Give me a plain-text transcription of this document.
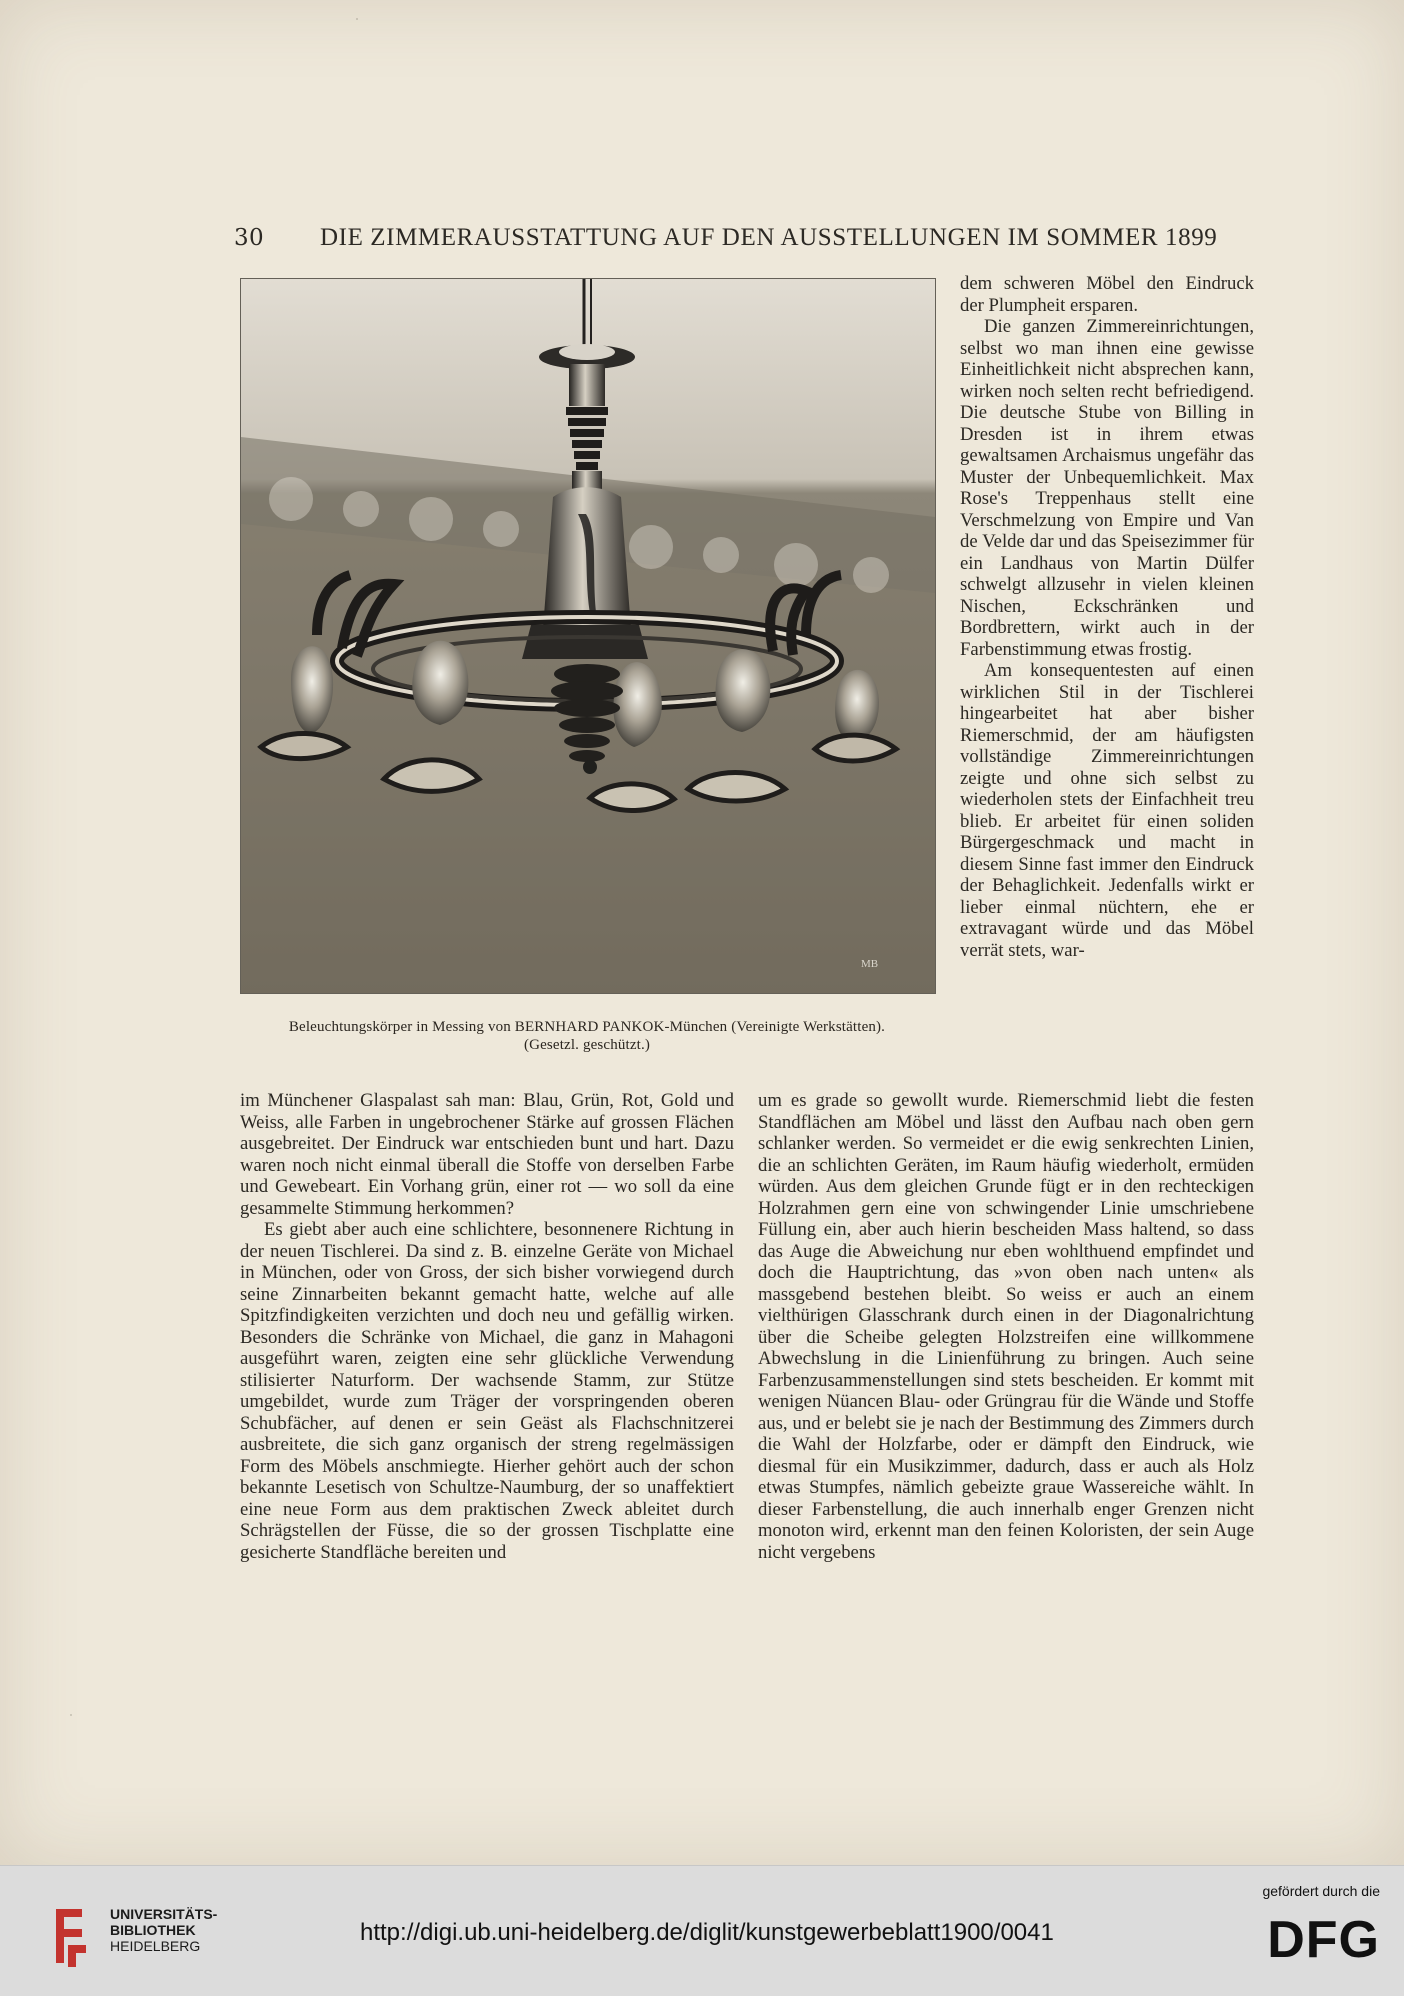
30	DIE ZIMMERAUSSTATTUNG AUF DEN AUSSTELLUNGEN IM SOMMER 1899
MB
Beleuchtungskörper in Messing von BERNHARD PANKOK-München (Vereinigte Werkstätten).
(Gesetzl. geschützt.)

dem schweren Möbel den Eindruck der Plumpheit ersparen.

Die ganzen Zimmereinrichtungen, selbst wo man ihnen eine gewisse Einheitlichkeit nicht absprechen kann, wirken noch selten recht befriedigend. Die deutsche Stube von Billing in Dresden ist in ihrem etwas gewaltsamen Archaismus ungefähr das Muster der Unbequemlichkeit. Max Rose's Treppenhaus stellt eine Verschmelzung von Empire und Van de Velde dar und das Speisezimmer für ein Landhaus von Martin Dülfer schwelgt allzusehr in vielen kleinen Nischen, Eckschränken und Bordbrettern, wirkt auch in der Farbenstimmung etwas frostig.

Am konsequentesten auf einen wirklichen Stil in der Tischlerei hingearbeitet hat aber bisher Riemerschmid, der am häufigsten vollständige Zimmereinrichtungen zeigte und ohne sich selbst zu wiederholen stets der Einfachheit treu blieb. Er arbeitet für einen soliden Bürgergeschmack und macht in diesem Sinne fast immer den Eindruck der Behaglichkeit. Jedenfalls wirkt er lieber einmal nüchtern, ehe er extravagant würde und das Möbel verrät stets, war-

im Münchener Glaspalast sah man: Blau, Grün, Rot, Gold und Weiss, alle Farben in ungebrochener Stärke auf grossen Flächen ausgebreitet. Der Eindruck war entschieden bunt und hart. Dazu waren noch nicht einmal überall die Stoffe von derselben Farbe und Gewebeart. Ein Vorhang grün, einer rot — wo soll da eine gesammelte Stimmung herkommen?

Es giebt aber auch eine schlichtere, besonnenere Richtung in der neuen Tischlerei. Da sind z. B. einzelne Geräte von Michael in München, oder von Gross, der sich bisher vorwiegend durch seine Zinnarbeiten bekannt gemacht hatte, welche auf alle Spitzfindigkeiten verzichten und doch neu und gefällig wirken. Besonders die Schränke von Michael, die ganz in Mahagoni ausgeführt waren, zeigten eine sehr glückliche Verwendung stilisierter Naturform. Der wachsende Stamm, zur Stütze umgebildet, wurde zum Träger der vorspringenden oberen Schubfächer, auf denen er sein Geäst als Flachschnitzerei ausbreitete, die sich ganz organisch der streng regelmässigen Form des Möbels anschmiegte. Hierher gehört auch der schon bekannte Lesetisch von Schultze-Naumburg, der so unaffektiert eine neue Form aus dem praktischen Zweck ableitet durch Schrägstellen der Füsse, die so der grossen Tischplatte eine gesicherte Standfläche bereiten und

um es grade so gewollt wurde. Riemerschmid liebt die festen Standflächen am Möbel und lässt den Aufbau nach oben gern schlanker werden. So vermeidet er die ewig senkrechten Linien, die an schlichten Geräten, im Raum häufig wiederholt, ermüden würden. Aus dem gleichen Grunde fügt er in den rechteckigen Holzrahmen gern eine von schwingender Linie umschriebene Füllung ein, aber auch hierin bescheiden Mass haltend, so dass das Auge die Abweichung nur eben wohlthuend empfindet und doch die Hauptrichtung, das »von oben nach unten« als massgebend bestehen bleibt. So weiss er auch an einem vielthürigen Glasschrank durch einen in der Diagonalrichtung über die Scheibe gelegten Holzstreifen eine willkommene Abwechslung in die Linienführung zu bringen. Auch seine Farbenzusammenstellungen sind stets bescheiden. Er kommt mit wenigen Nüancen Blau- oder Grüngrau für die Wände und Stoffe aus, und er belebt sie je nach der Bestimmung des Zimmers durch die Wahl der Holzfarbe, oder er dämpft den Eindruck, wie diesmal für ein Musikzimmer, dadurch, dass er auch als Holz etwas Stumpfes, nämlich gebeizte graue Wassereiche wählt. In dieser Farbenstellung, die auch innerhalb enger Grenzen nicht monoton wird, erkennt man den feinen Koloristen, der sein Auge nicht vergebens

UNIVERSITÄTS-
BIBLIOTHEK
HEIDELBERG	http://digi.ub.uni-heidelberg.de/diglit/kunstgewerbeblatt1900/0041
gefördert durch die
DFG
